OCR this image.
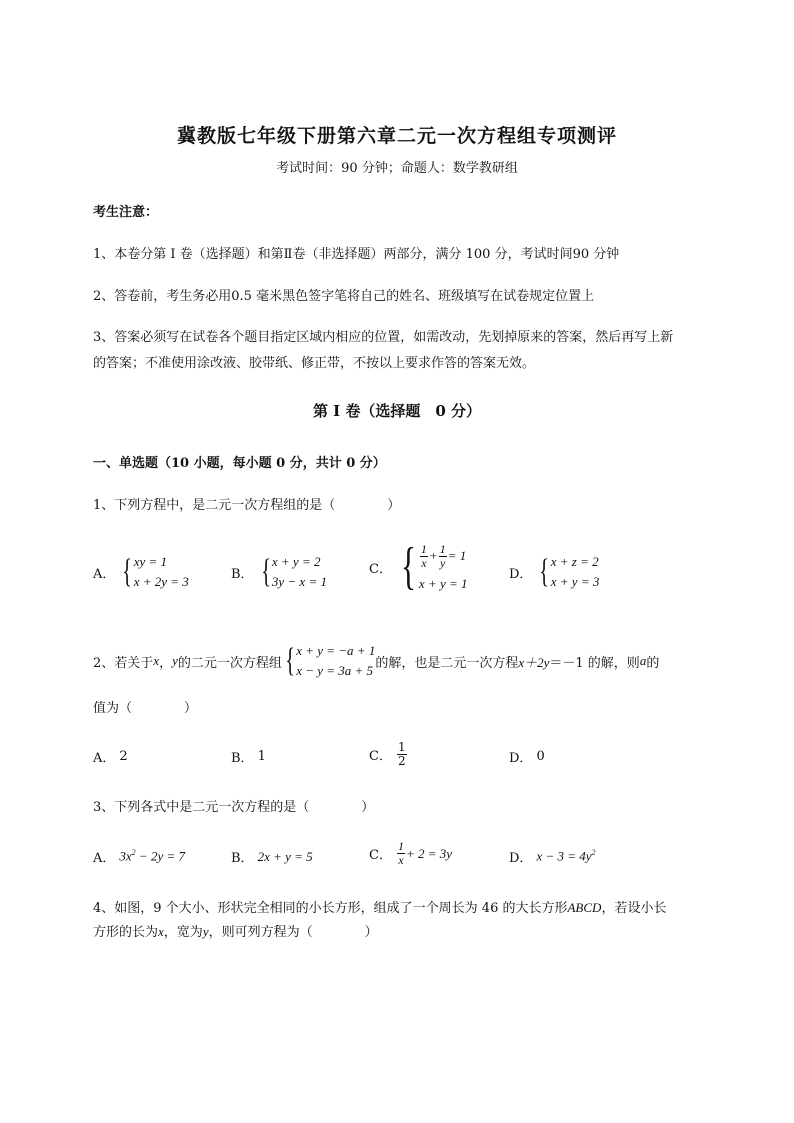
冀教版七年级下册第六章二元一次方程组专项测评
考试时间：90 分钟；命题人：数学教研组
考生注意：
1、本卷分第 I 卷（选择题）和第Ⅱ卷（非选择题）两部分，满分 100 分，考试时间90 分钟
2、答卷前，考生务必用0.5 毫米黑色签字笔将自己的姓名、班级填写在试卷规定位置上
3、答案必须写在试卷各个题目指定区域内相应的位置，如需改动，先划掉原来的答案，然后再写上新
的答案；不准使用涂改液、胶带纸、修正带，不按以上要求作答的答案无效。
第 I 卷（选择题　0 分）
一、单选题（10 小题，每小题 0 分，共计 0 分）
1、下列方程中，是二元一次方程组的是（　　　　）
A． { xy = 1
x + 2y = 3	B． { x + y = 2
3y − x = 1
C． { $\frac{1}{x} + \frac{1}{y} = 1$
x + y = 1
D． { x + z = 2
x + y = 3
2、若关于 x ， y 的二元一次方程组 { x + y = −a + 1
x − y = 3a + 5 的解，也是二元一次方程 x＋2y ＝－1 的解，则 a 的
值为（　　　　）
A． 2	B． 1	C． $\frac{1}{2}$	D． 0
3、下列各式中是二元一次方程的是（　　　　）
A． $3x^2 - 2y = 7$	B． 2x + y = 5	C． $\frac{1}{x} + 2 = 3y$	D． $x - 3 = 4y^2$
4、如图，9 个大小、形状完全相同的小长方形，组成了一个周长为 46 的大长方形ABCD，若设小长
方形的长为x，宽为y，则可列方程为（　　　　）
